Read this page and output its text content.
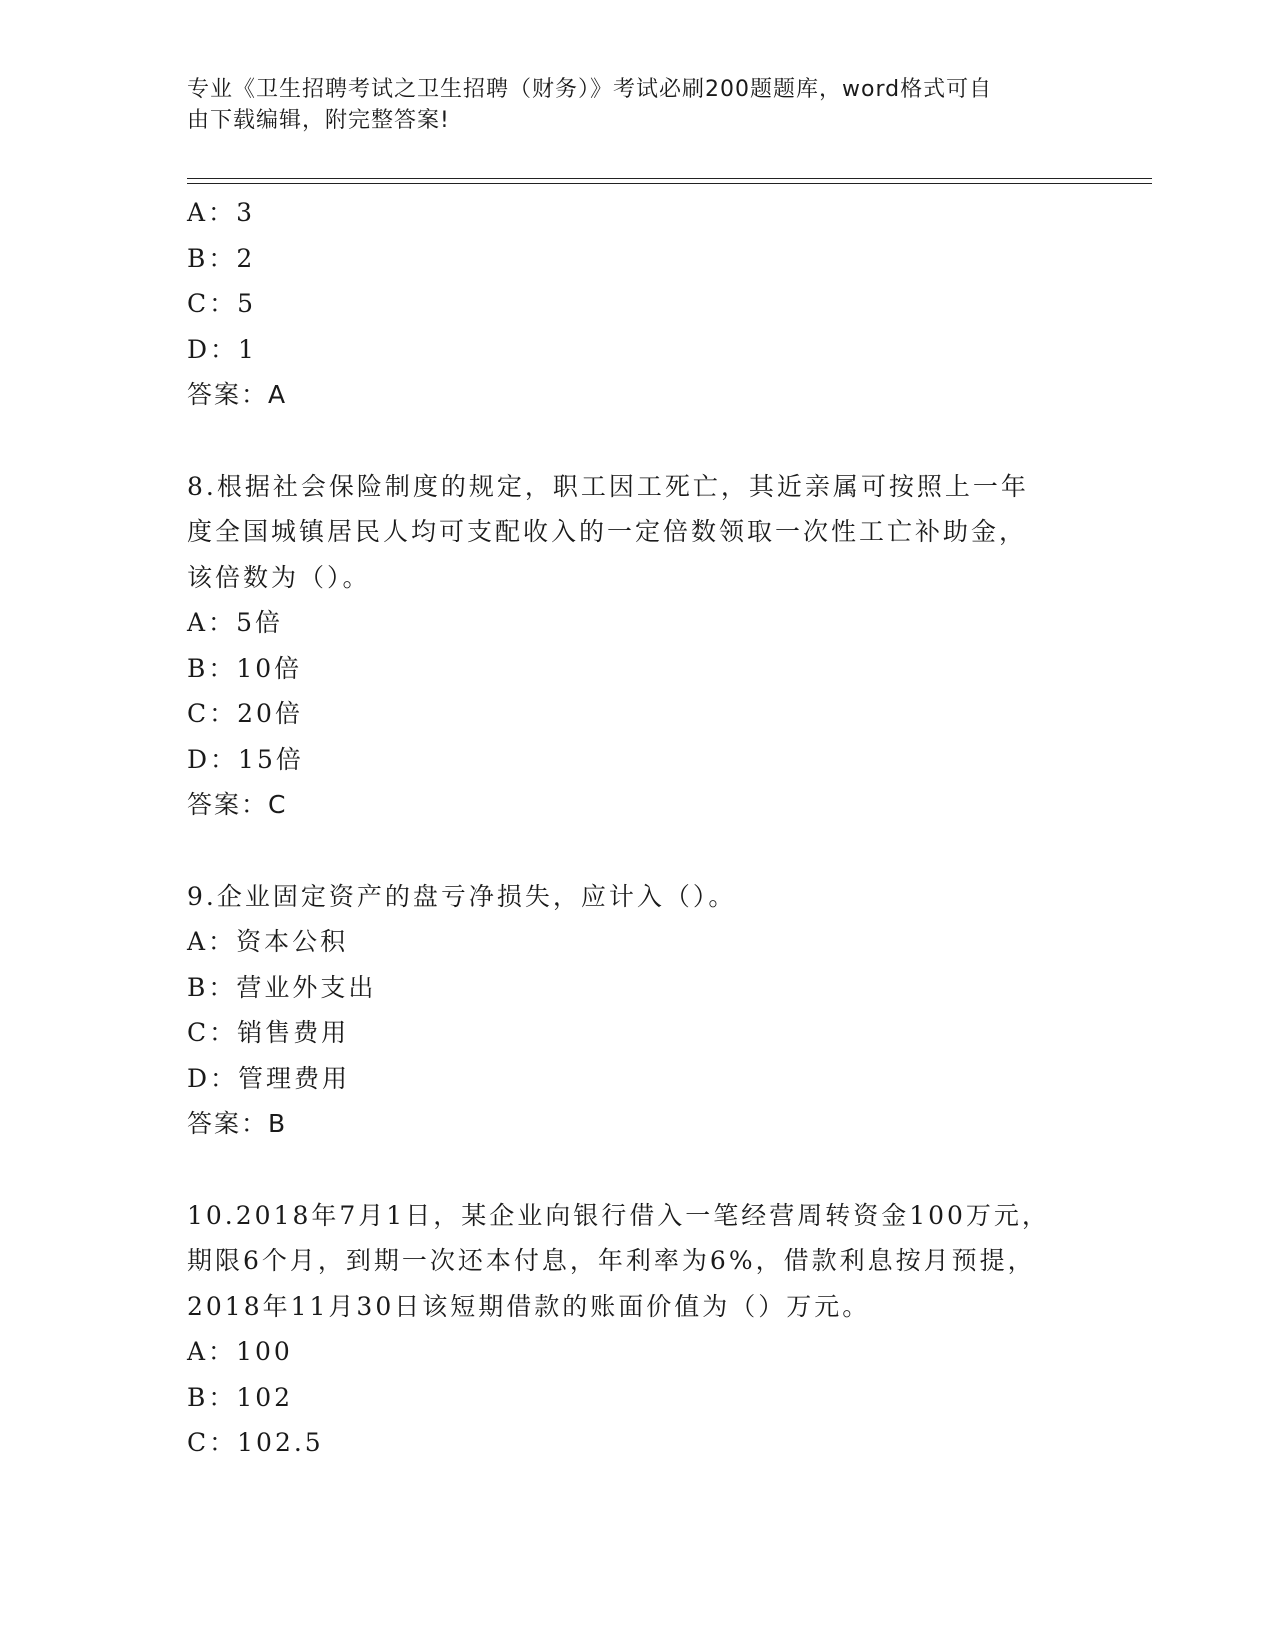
专业《卫生招聘考试之卫生招聘（财务）》考试必刷200题题库，word格式可自
由下载编辑，附完整答案!
A：3
B：2
C：5
D：1
答案：A
8.根据社会保险制度的规定，职工因工死亡，其近亲属可按照上一年
度全国城镇居民人均可支配收入的一定倍数领取一次性工亡补助金，
该倍数为（）。
A：5倍
B：10倍
C：20倍
D：15倍
答案：C
9.企业固定资产的盘亏净损失，应计入（）。
A：资本公积
B：营业外支出
C：销售费用
D：管理费用
答案：B
10.2018年7月1日，某企业向银行借入一笔经营周转资金100万元，
期限6个月，到期一次还本付息，年利率为6%，借款利息按月预提，
2018年11月30日该短期借款的账面价值为（）万元。
A：100
B：102
C：102.5
